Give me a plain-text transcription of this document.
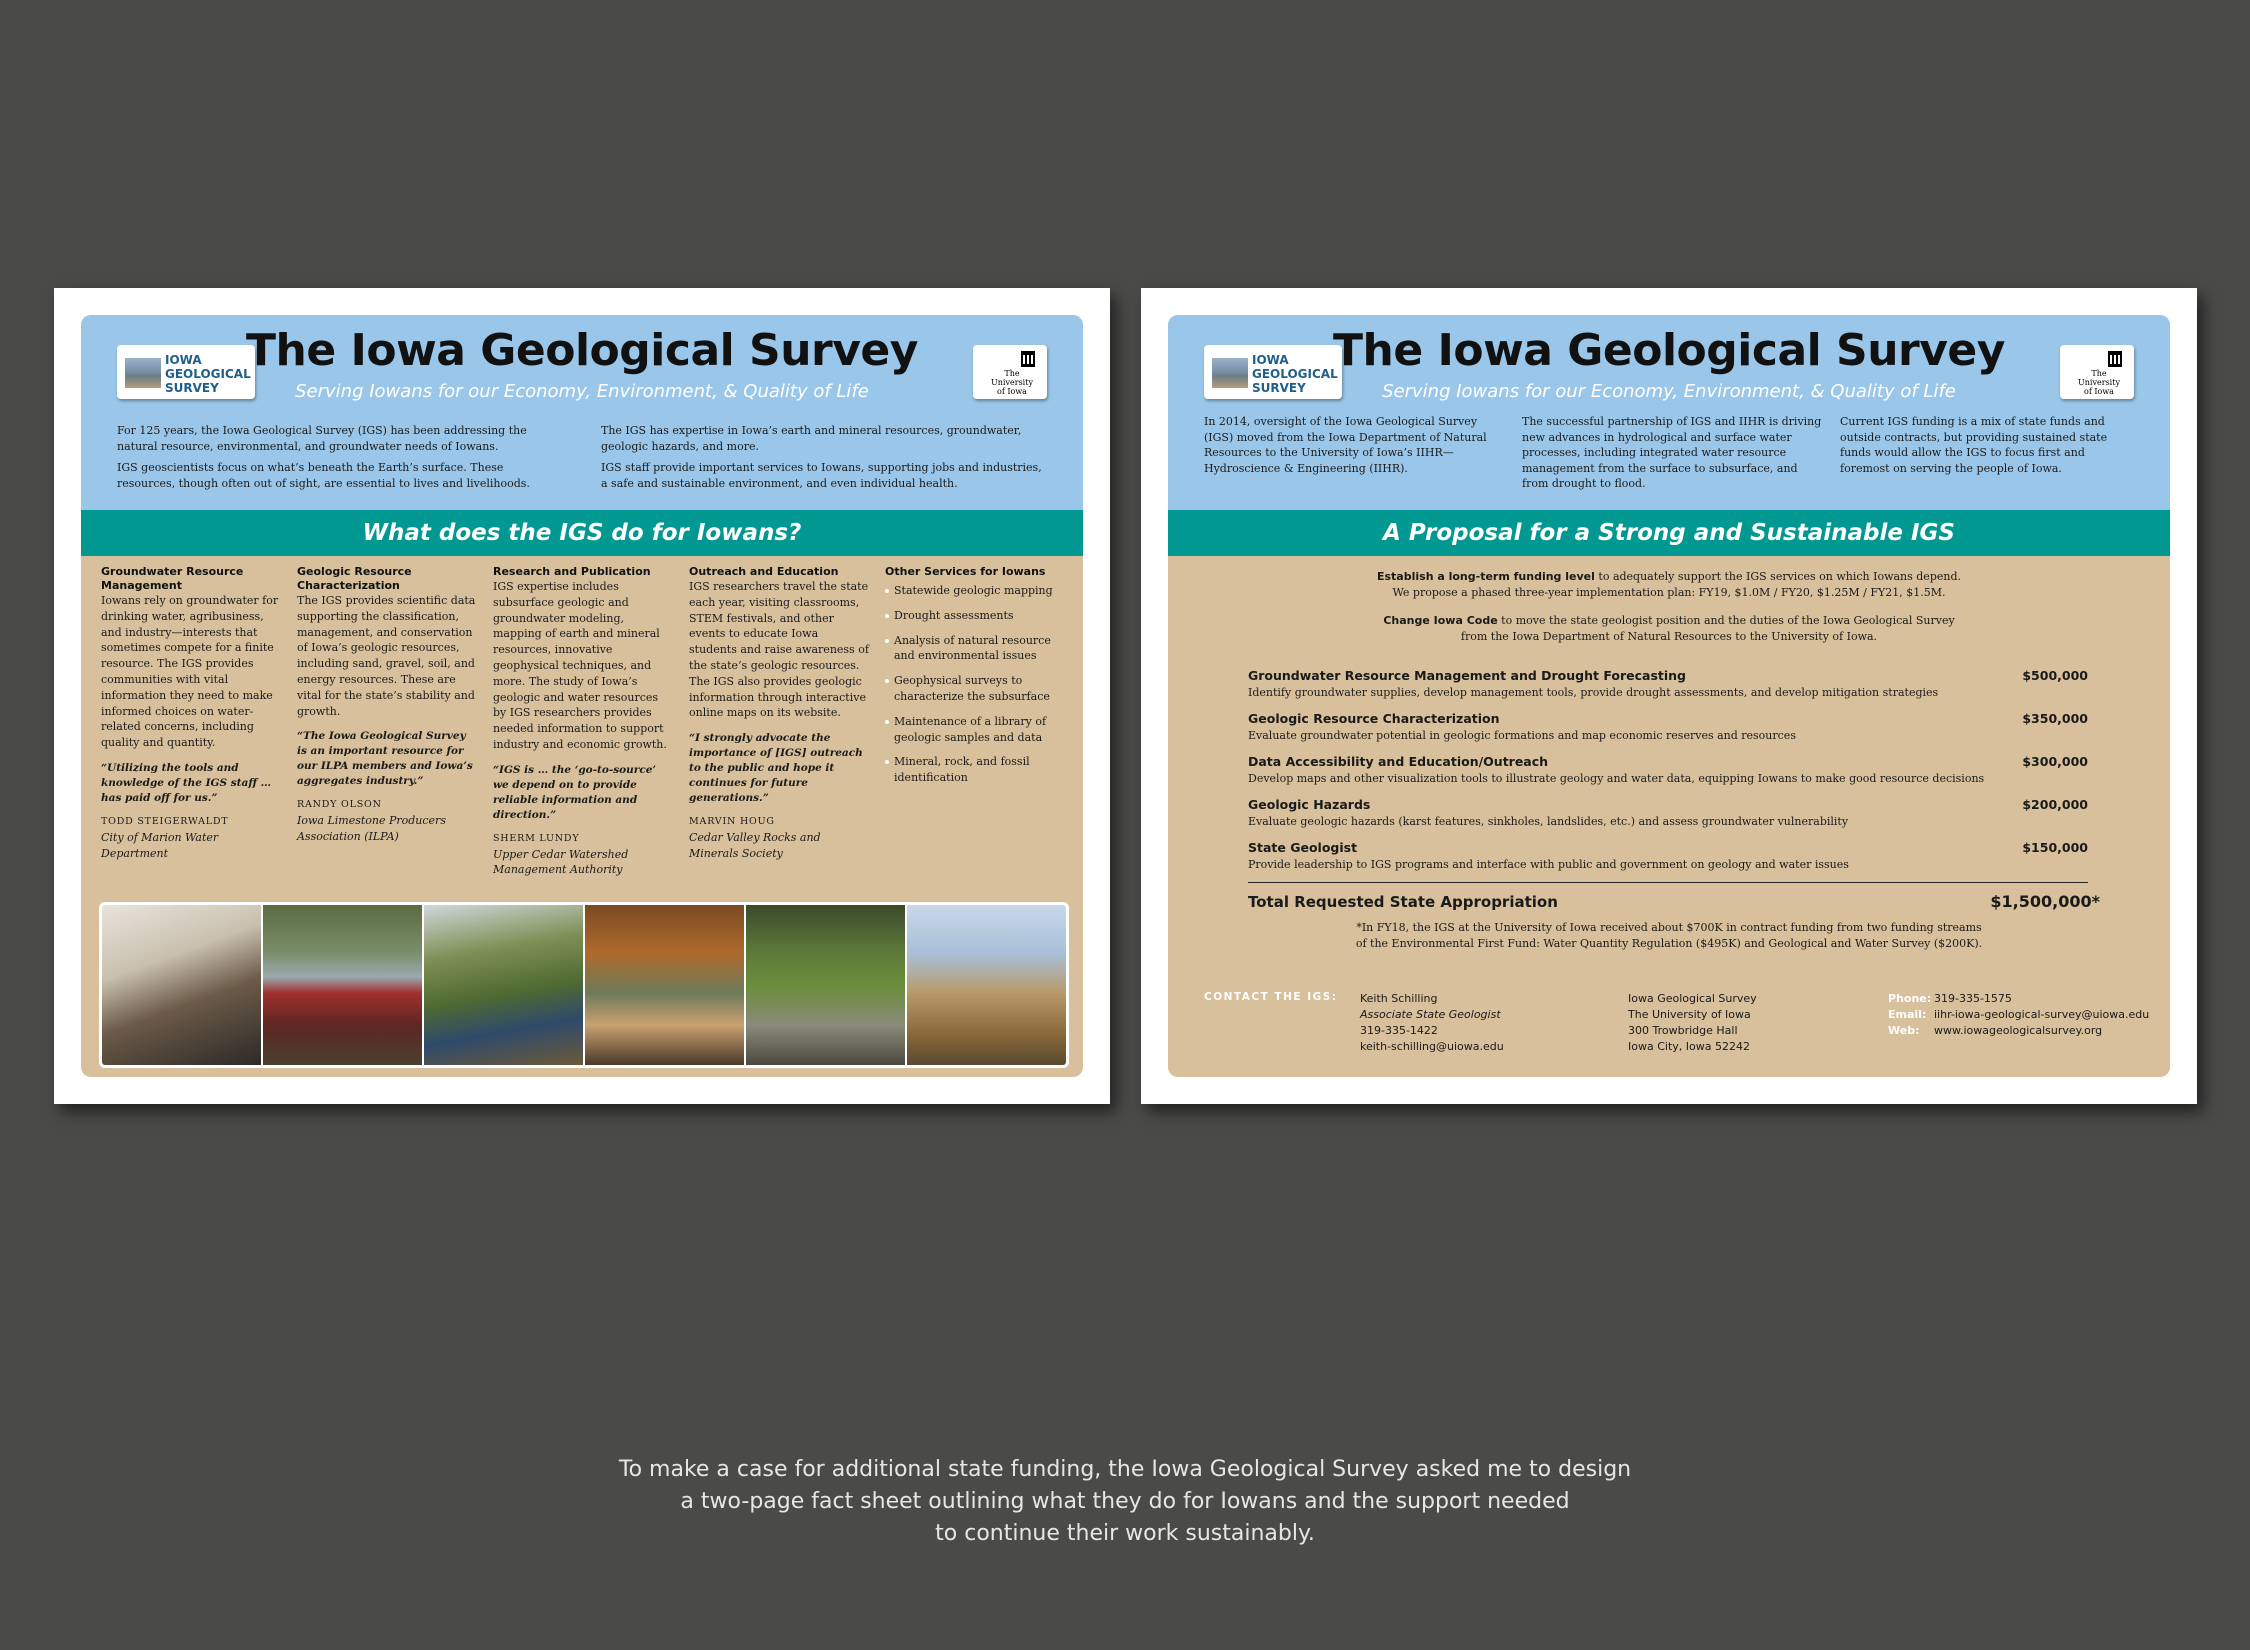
IOWA
GEOLOGICAL
SURVEY

The Iowa Geological Survey

Serving Iowans for our Economy, Environment, & Quality of Life

The
University
of Iowa

For 125 years, the Iowa Geological Survey (IGS) has been addressing the natural resource, environmental, and groundwater needs of Iowans.

IGS geoscientists focus on what’s beneath the Earth’s surface. These resources, though often out of sight, are essential to lives and livelihoods.

The IGS has expertise in Iowa’s earth and mineral resources, groundwater, geologic hazards, and more.

IGS staff provide important services to Iowans, supporting jobs and industries, a safe and sustainable environment, and even individual health.

What does the IGS do for Iowans?
Groundwater Resource Management

Iowans rely on groundwater for drinking water, agribusiness, and industry—interests that sometimes compete for a finite resource. The IGS provides communities with vital information they need to make informed choices on water-related concerns, including quality and quantity.

“Utilizing the tools and knowledge of the IGS staff … has paid off for us.”

TODD STEIGERWALDT

City of Marion Water Department

Geologic Resource Characterization

The IGS provides scientific data supporting the classification, management, and conservation of Iowa’s geologic resources, including sand, gravel, soil, and energy resources. These are vital for the state’s stability and growth.

“The Iowa Geological Survey is an important resource for our ILPA members and Iowa’s aggregates industry.”

RANDY OLSON

Iowa Limestone Producers Association (ILPA)

Research and Publication

IGS expertise includes subsurface geologic and groundwater modeling, mapping of earth and mineral resources, innovative geophysical techniques, and more. The study of Iowa’s geologic and water resources by IGS researchers provides needed information to support industry and economic growth.

“IGS is … the ‘go-to-source’ we depend on to provide reliable information and direction.”

SHERM LUNDY

Upper Cedar Watershed Management Authority

Outreach and Education

IGS researchers travel the state each year, visiting classrooms, STEM festivals, and other events to educate Iowa students and raise awareness of the state’s geologic resources. The IGS also provides geologic information through interactive online maps on its website.

“I strongly advocate the importance of [IGS] outreach to the public and hope it continues for future generations.”

MARVIN HOUG

Cedar Valley Rocks and Minerals Society

Other Services for Iowans
Statewide geologic mapping
Drought assessments
Analysis of natural resource and environmental issues
Geophysical surveys to characterize the subsurface
Maintenance of a library of geologic samples and data
Mineral, rock, and fossil identification

IOWA
GEOLOGICAL
SURVEY

The Iowa Geological Survey

Serving Iowans for our Economy, Environment, & Quality of Life

The
University
of Iowa

In 2014, oversight of the Iowa Geological Survey (IGS) moved from the Iowa Department of Natural Resources to the University of Iowa’s IIHR—Hydroscience & Engineering (IIHR).

The successful partnership of IGS and IIHR is driving new advances in hydrological and surface water processes, including integrated water resource management from the surface to subsurface, and from drought to flood.

Current IGS funding is a mix of state funds and outside contracts, but providing sustained state funds would allow the IGS to focus first and foremost on serving the people of Iowa.

A Proposal for a Strong and Sustainable IGS

Establish a long-term funding level to adequately support the IGS services on which Iowans depend.
We propose a phased three-year implementation plan: FY19, $1.0M / FY20, $1.25M / FY21, $1.5M.

Change Iowa Code to move the state geologist position and the duties of the Iowa Geological Survey
from the Iowa Department of Natural Resources to the University of Iowa.

Groundwater Resource Management and Drought Forecasting

Identify groundwater supplies, develop management tools, provide drought assessments, and develop mitigation strategies

$500,000
Geologic Resource Characterization

Evaluate groundwater potential in geologic formations and map economic reserves and resources

$350,000
Data Accessibility and Education/Outreach

Develop maps and other visualization tools to illustrate geology and water data, equipping Iowans to make good resource decisions

$300,000
Geologic Hazards

Evaluate geologic hazards (karst features, sinkholes, landslides, etc.) and assess groundwater vulnerability

$200,000
State Geologist

Provide leadership to IGS programs and interface with public and government on geology and water issues

$150,000
Total Requested State Appropriation	$1,500,000*
*In FY18, the IGS at the University of Iowa received about $700K in contract funding from two funding streams
of the Environmental First Fund: Water Quantity Regulation ($495K) and Geological and Water Survey ($200K).
CONTACT THE IGS: Keith Schilling

Associate State Geologist

319-335-1422

keith-schilling@uiowa.edu

Iowa Geological Survey

The University of Iowa

300 Trowbridge Hall

Iowa City, Iowa 52242

Phone: 319-335-1575

Email: iihr-iowa-geological-survey@uiowa.edu

Web: www.iowageologicalsurvey.org

To make a case for additional state funding, the Iowa Geological Survey asked me to design

a two-page fact sheet outlining what they do for Iowans and the support needed

to continue their work sustainably.
